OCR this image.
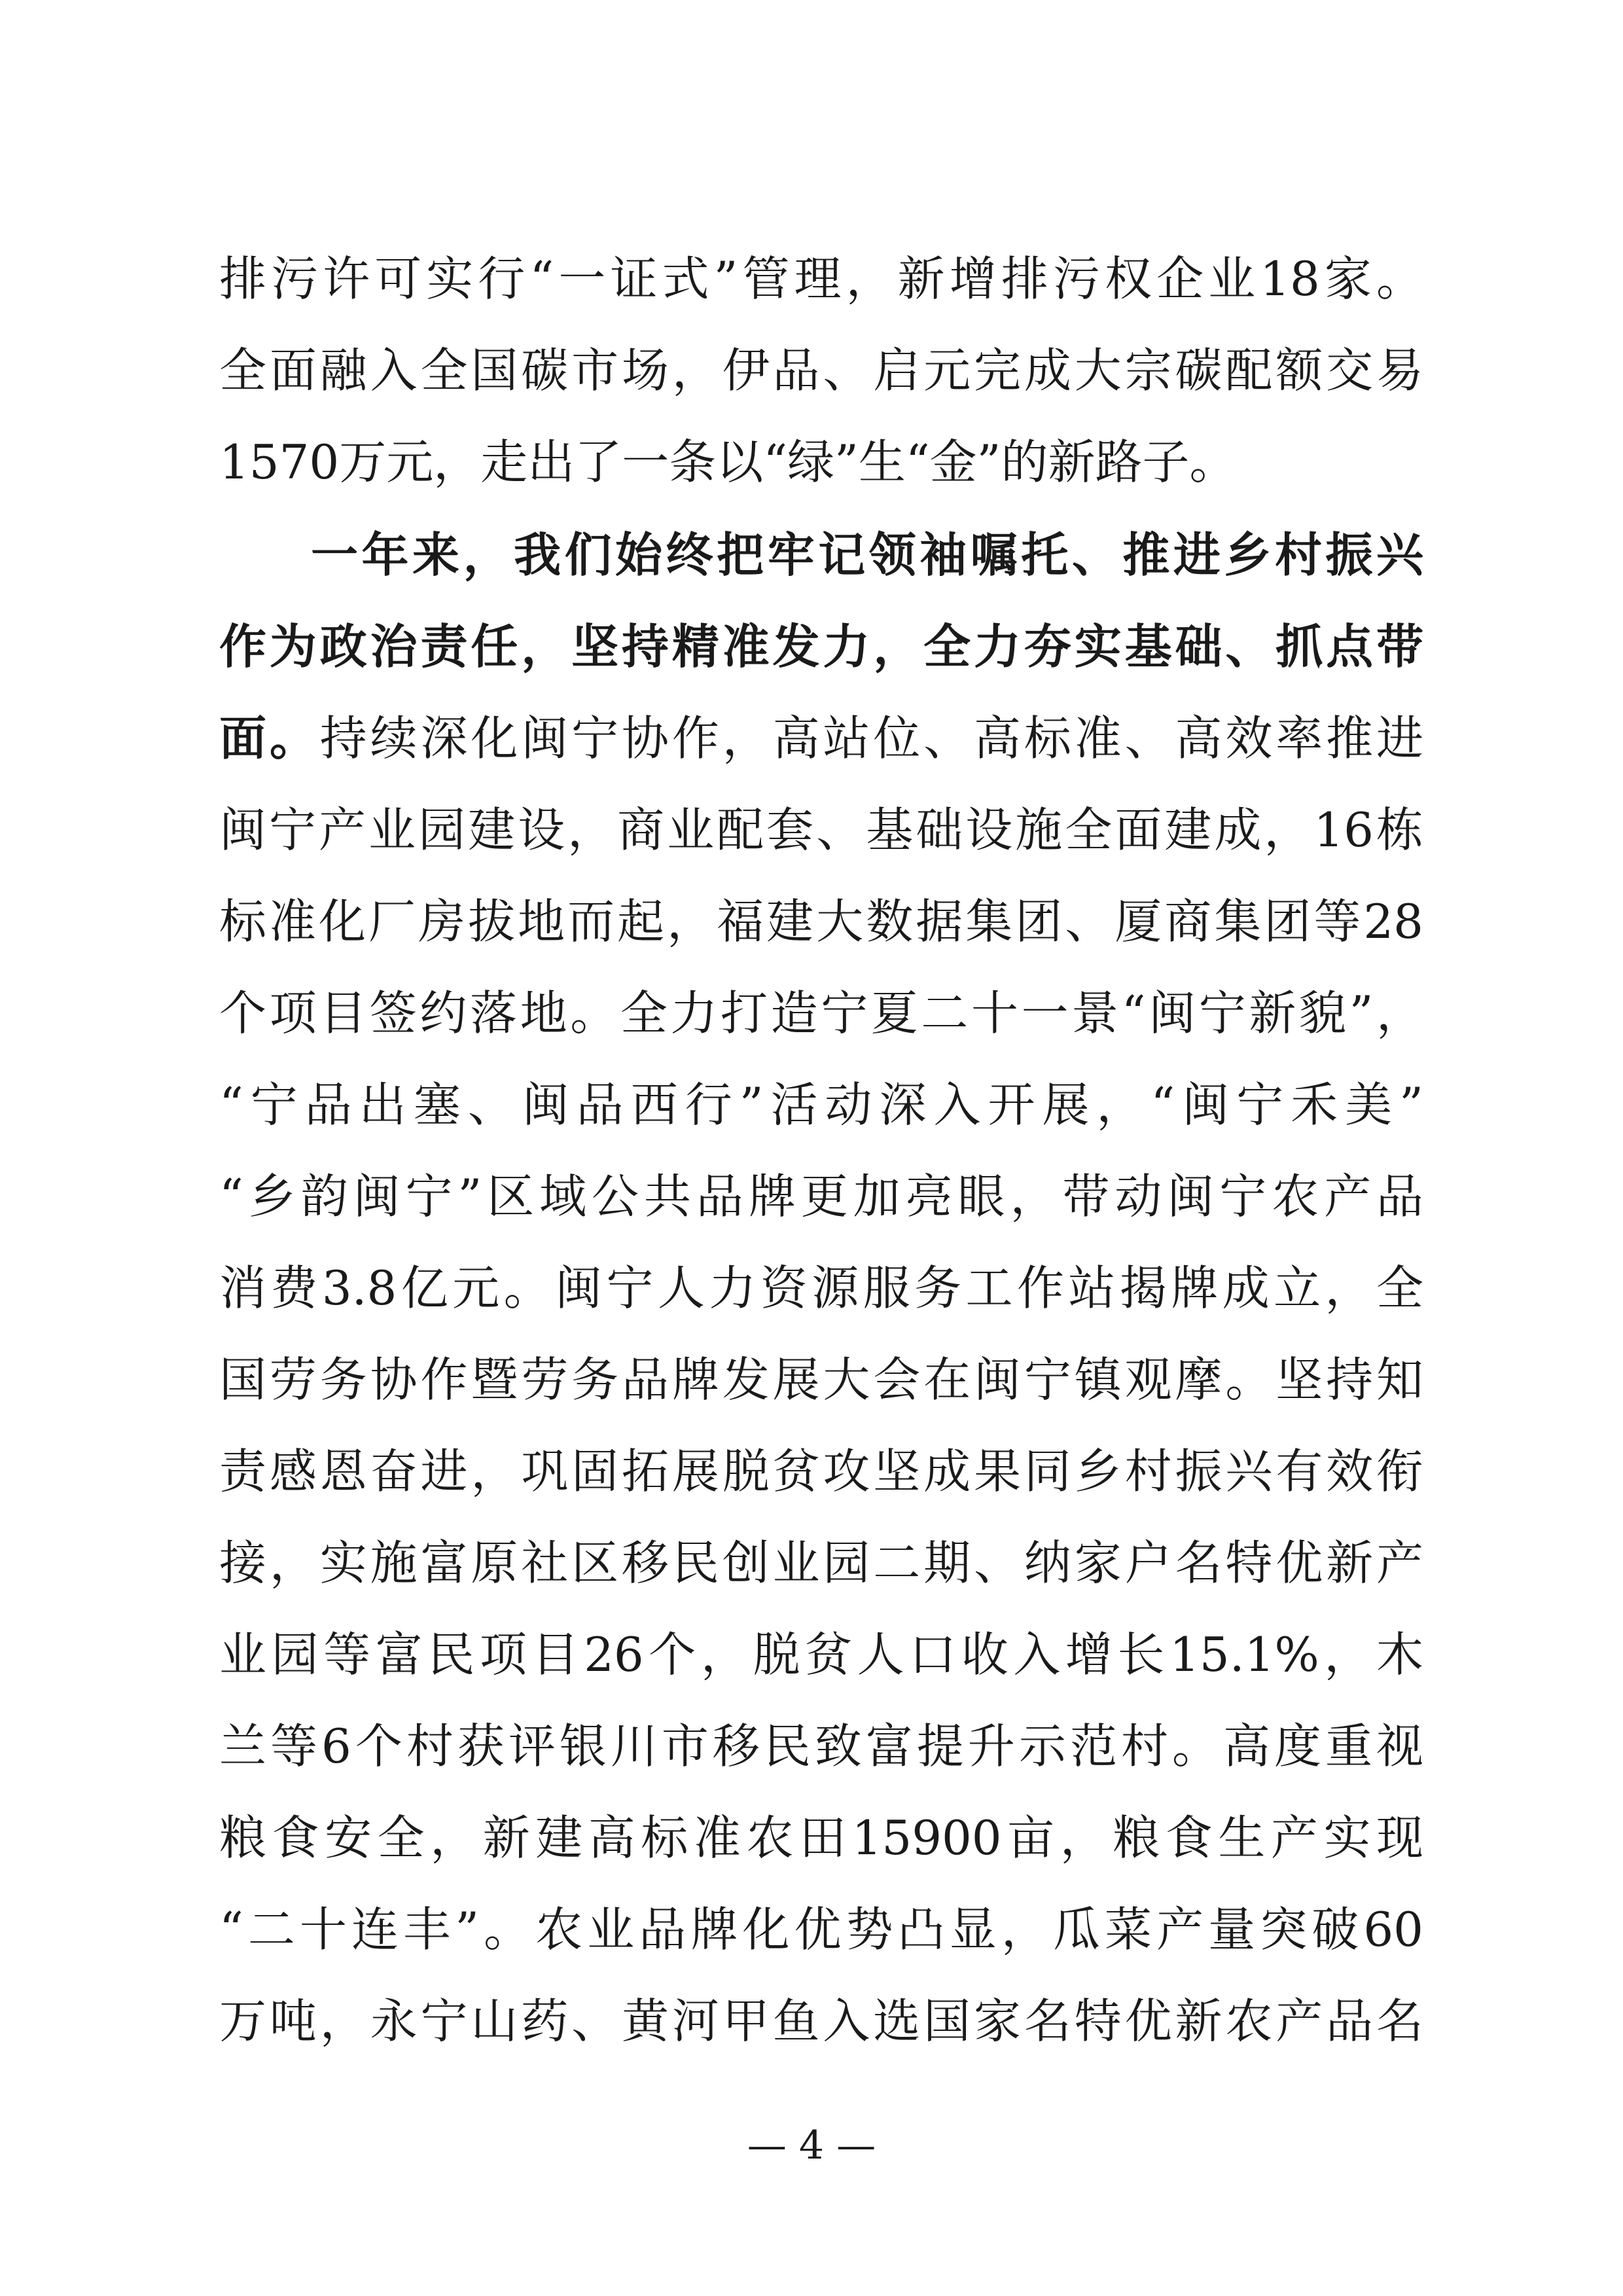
排污许可实行“一证式”管理，新增排污权企业18家。
全面融入全国碳市场，伊品、启元完成大宗碳配额交易
1570万元，走出了一条以“绿”生“金”的新路子。
一年来，我们始终把牢记领袖嘱托、推进乡村振兴
作为政治责任，坚持精准发力，全力夯实基础、抓点带
面。持续深化闽宁协作，高站位、高标准、高效率推进
闽宁产业园建设，商业配套、基础设施全面建成，16栋
标准化厂房拔地而起，福建大数据集团、厦商集团等28
个项目签约落地。全力打造宁夏二十一景“闽宁新貌”，
“宁品出塞、闽品西行”活动深入开展，“闽宁禾美”
“乡韵闽宁”区域公共品牌更加亮眼，带动闽宁农产品
消费3.8亿元。闽宁人力资源服务工作站揭牌成立，全
国劳务协作暨劳务品牌发展大会在闽宁镇观摩。坚持知
责感恩奋进，巩固拓展脱贫攻坚成果同乡村振兴有效衔
接，实施富原社区移民创业园二期、纳家户名特优新产
业园等富民项目26个，脱贫人口收入增长15.1%，木
兰等6个村获评银川市移民致富提升示范村。高度重视
粮食安全，新建高标准农田15900亩，粮食生产实现
“二十连丰”。农业品牌化优势凸显，瓜菜产量突破60
万吨，永宁山药、黄河甲鱼入选国家名特优新农产品名
— 4 —
